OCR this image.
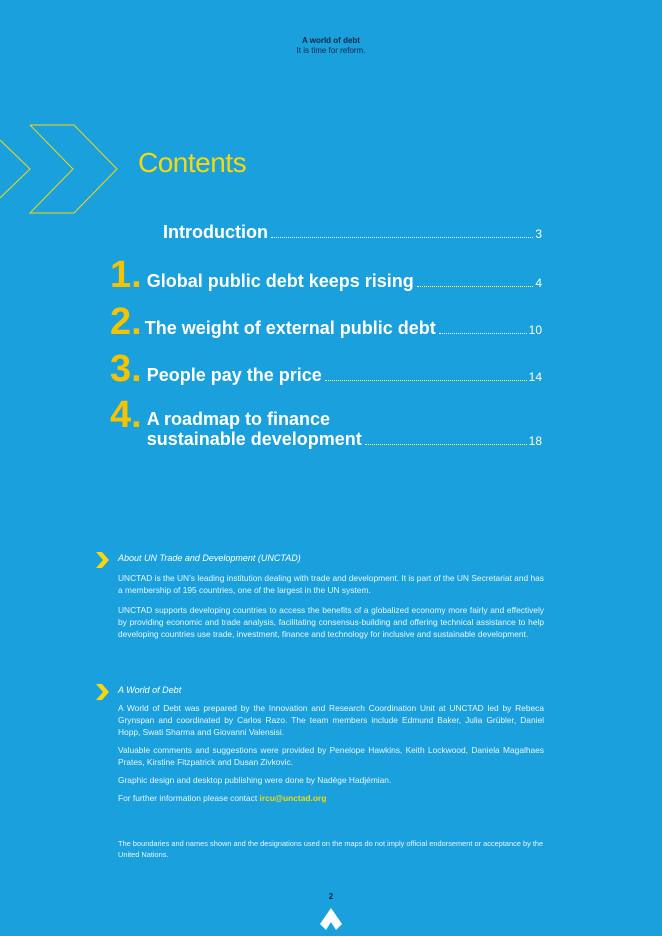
A world of debt
It is time for reform.
Contents
Introduction	3
1. Global public debt keeps rising	4
2. The weight of external public debt	10
3. People pay the price	14
4. A roadmap to finance
sustainable development	18
About UN Trade and Development (UNCTAD)

UNCTAD is the UN’s leading institution dealing with trade and development. It is part of the UN Secretariat and has a membership of 195 countries, one of the largest in the UN system.

UNCTAD supports developing countries to access the benefits of a globalized economy more fairly and effectively by providing economic and trade analysis, facilitating consensus-building and offering technical assistance to help developing countries use trade, investment, finance and technology for inclusive and sustainable development.

A World of Debt

A World of Debt was prepared by the Innovation and Research Coordination Unit at UNCTAD led by Rebeca Grynspan and coordinated by Carlos Razo. The team members include Edmund Baker, Julia Grübler, Daniel Hopp, Swati Sharma and Giovanni Valensisi.

Valuable comments and suggestions were provided by Penelope Hawkins, Keith Lockwood, Daniela Magalhaes Prates, Kirstine Fitzpatrick and Dusan Zivkovic.

Graphic design and desktop publishing were done by Nadège Hadjémian.

For further information please contact ircu@unctad.org

The boundaries and names shown and the designations used on the maps do not imply official endorsement or acceptance by the United Nations.
2
